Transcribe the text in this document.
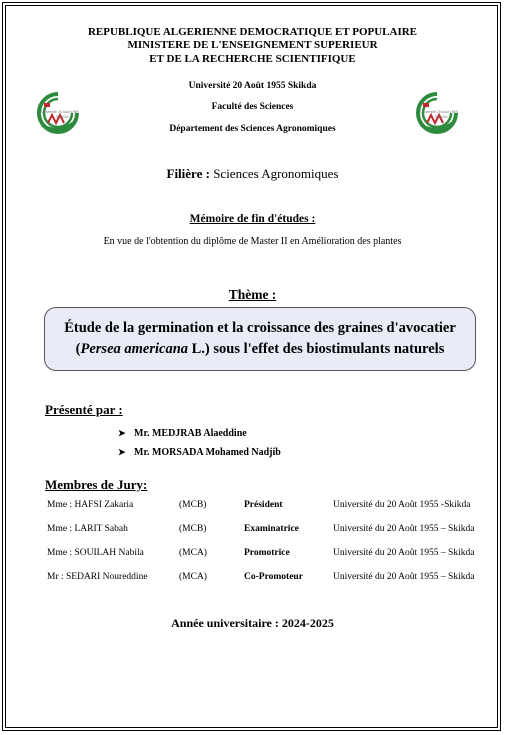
REPUBLIQUE ALGERIENNE DEMOCRATIQUE ET POPULAIRE
MINISTERE DE L'ENSEIGNEMENT SUPERIEUR
ET DE LA RECHERCHE SCIENTIFIQUE
Université 20 Août 1955 Skikda
Faculté des Sciences
Département des Sciences Agronomiques
Université 20 Août 1955
SKIKDA
Université 20 Août 1955
SKIKDA
Filière : Sciences Agronomiques
Mémoire de fin d'études :
En vue de l'obtention du diplôme de Master II en Amélioration des plantes
Thème :
Étude de la germination et la croissance des graines d'avocatier
(Persea americana L.) sous l'effet des biostimulants naturels
Présenté par :
➤ Mr. MEDJRAB Alaeddine
➤ Mr. MORSADA Mohamed Nadjib
Membres de Jury:
Mme : HAFSI Zakaria	(MCB)	Président	Université du 20 Août 1955 -Skikda
Mme : LARIT Sabah	(MCB)	Examinatrice	Université du 20 Août 1955 – Skikda
Mme : SOUILAH Nabila	(MCA)	Promotrice	Université du 20 Août 1955 – Skikda
Mr : SEDARI Noureddine	(MCA)	Co-Promoteur	Université du 20 Août 1955 – Skikda
Année universitaire : 2024-2025
